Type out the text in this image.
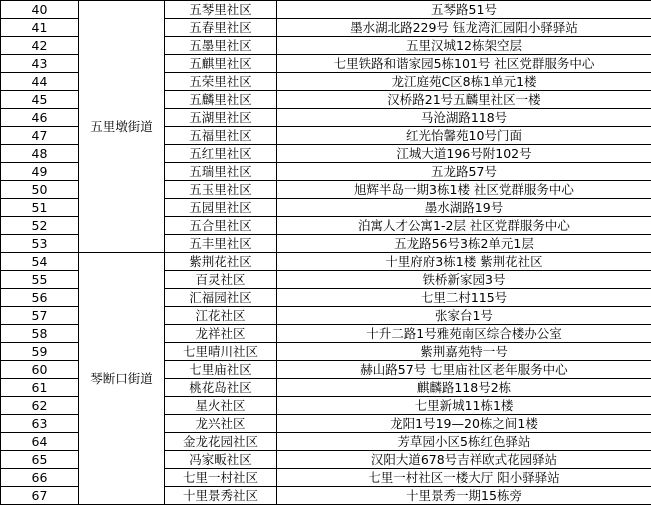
40	五里墩街道	五琴里社区	五琴路51号
41		五春里社区	墨水湖北路229号 钰龙湾汇园阳小驿驿站
42		五墨里社区	五里汉城12栋架空层
43		五麒里社区	七里铁路和谐家园5栋101号 社区党群服务中心
44		五荣里社区	龙江庭苑C区8栋1单元1楼
45		五麟里社区	汉桥路21号五麟里社区一楼
46		五湖里社区	马沧湖路118号
47		五福里社区	红光怡馨苑10号门面
48		五红里社区	江城大道196号附102号
49		五瑞里社区	五龙路57号
50		五玉里社区	旭辉半岛一期3栋1楼 社区党群服务中心
51		五园里社区	墨水湖路19号
52		五合里社区	泊寓人才公寓1-2层 社区党群服务中心
53		五丰里社区	五龙路56号3栋2单元1层
54	琴断口街道	紫荆花社区	十里府府3栋1楼 紫荆花社区
55		百灵社区	铁桥新家园3号
56		汇福园社区	七里二村115号
57		江花社区	张家台1号
58		龙祥社区	十升二路1号雅苑南区综合楼办公室
59		七里晴川社区	紫荆嘉苑特一号
60		七里庙社区	赫山路57号 七里庙社区老年服务中心
61		桃花岛社区	麒麟路118号2栋
62		星火社区	七里新城11栋1楼
63		龙兴社区	龙阳1号19—20栋之间1楼
64		金龙花园社区	芳草园小区5栋红色驿站
65		冯家畈社区	汉阳大道678号吉祥欧式花园驿站
66		七里一村社区	七里一村社区一楼大厅 阳小驿驿站
67		十里景秀社区	十里景秀一期15栋旁
